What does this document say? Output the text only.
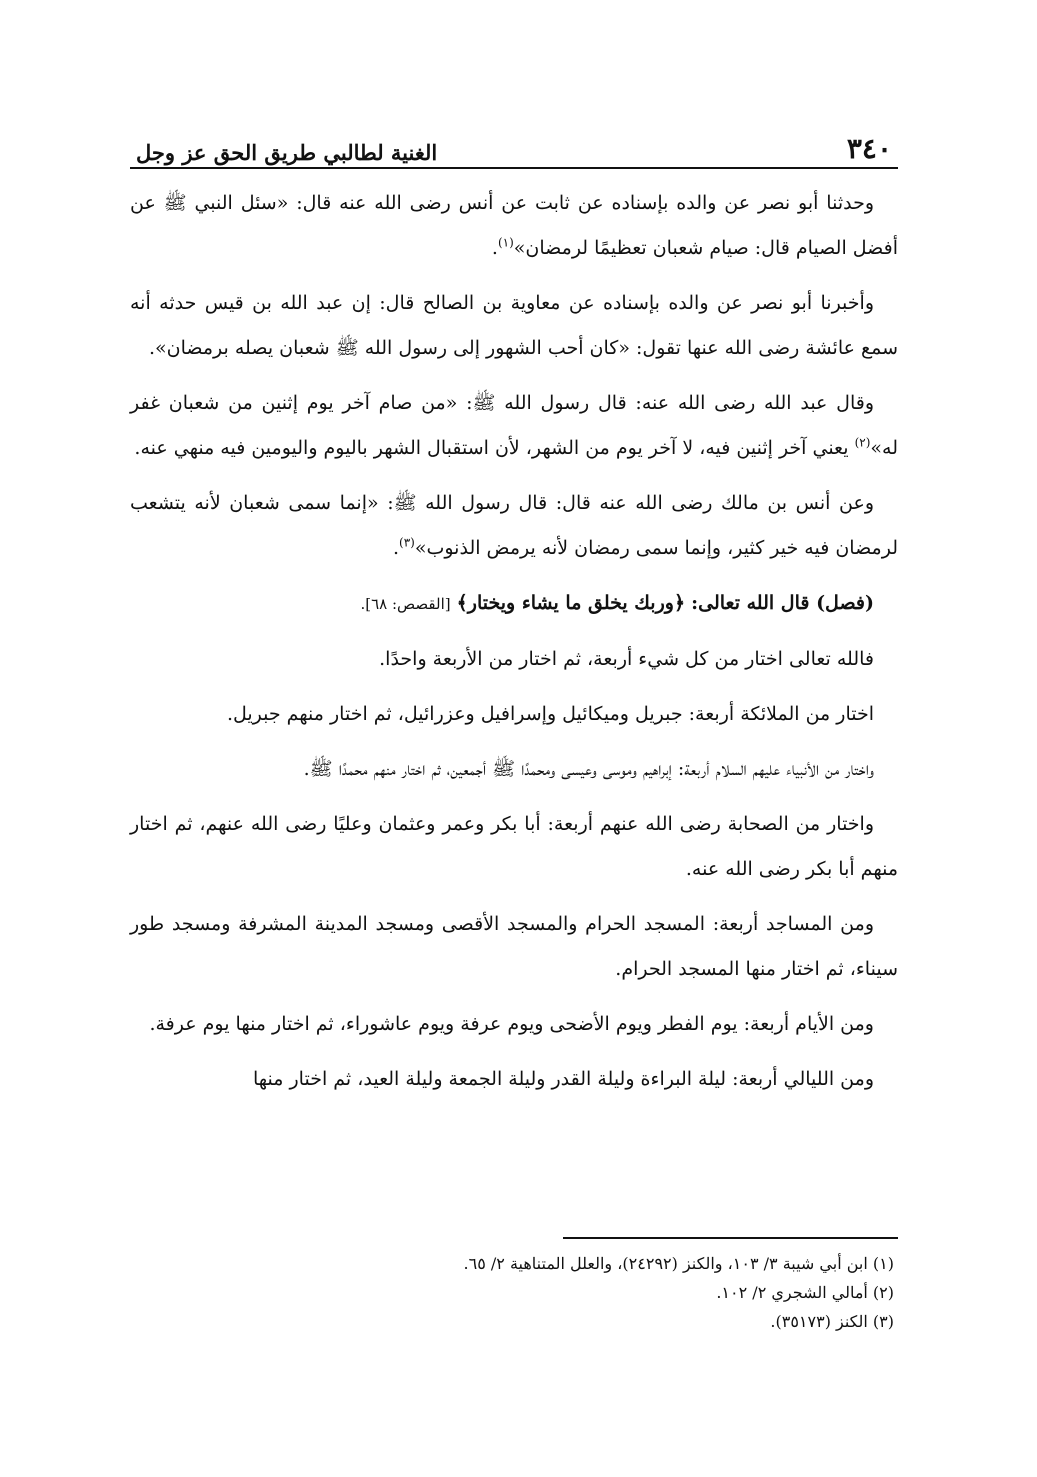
٣٤٠
الغنية لطالبي طريق الحق عز وجل

وحدثنا أبو نصر عن والده بإسناده عن ثابت عن أنس رضى الله عنه قال: «سئل النبي ﷺ عن أفضل الصيام قال: صيام شعبان تعظيمًا لرمضان»$^{(١)}$.

وأخبرنا أبو نصر عن والده بإسناده عن معاوية بن الصالح قال: إن عبد الله بن قيس حدثه أنه سمع عائشة رضى الله عنها تقول: «كان أحب الشهور إلى رسول الله ﷺ شعبان يصله برمضان».

وقال عبد الله رضى الله عنه: قال رسول الله ﷺ: «من صام آخر يوم إثنين من شعبان غفر له»$^{(٢)}$ يعني آخر إثنين فيه، لا آخر يوم من الشهر، لأن استقبال الشهر باليوم واليومين فيه منهي عنه.

وعن أنس بن مالك رضى الله عنه قال: قال رسول الله ﷺ: «إنما سمى شعبان لأنه يتشعب لرمضان فيه خير كثير، وإنما سمى رمضان لأنه يرمض الذنوب»$^{(٣)}$.

(فصل) قال الله تعالى: ﴿وربك يخلق ما يشاء ويختار﴾ [القصص: ٦٨].

فالله تعالى اختار من كل شيء أربعة، ثم اختار من الأربعة واحدًا.

اختار من الملائكة أربعة: جبريل وميكائيل وإسرافيل وعزرائيل، ثم اختار منهم جبريل.

واختار من الأنبياء عليهم السلام أربعة: إبراهيم وموسى وعيسى ومحمدًا ﷺ أجمعين، ثم اختار منهم محمدًا ﷺ.

واختار من الصحابة رضى الله عنهم أربعة: أبا بكر وعمر وعثمان وعليًا رضى الله عنهم، ثم اختار منهم أبا بكر رضى الله عنه.

ومن المساجد أربعة: المسجد الحرام والمسجد الأقصى ومسجد المدينة المشرفة ومسجد طور سيناء، ثم اختار منها المسجد الحرام.

ومن الأيام أربعة: يوم الفطر ويوم الأضحى ويوم عرفة ويوم عاشوراء، ثم اختار منها يوم عرفة.

ومن الليالي أربعة: ليلة البراءة وليلة القدر وليلة الجمعة وليلة العيد، ثم اختار منها

(١) ابن أبي شيبة ٣/ ١٠٣، والكنز (٢٤٢٩٢)، والعلل المتناهية ٢/ ٦٥.
(٢) أمالي الشجري ٢/ ١٠٢.
(٣) الكنز (٣٥١٧٣).
